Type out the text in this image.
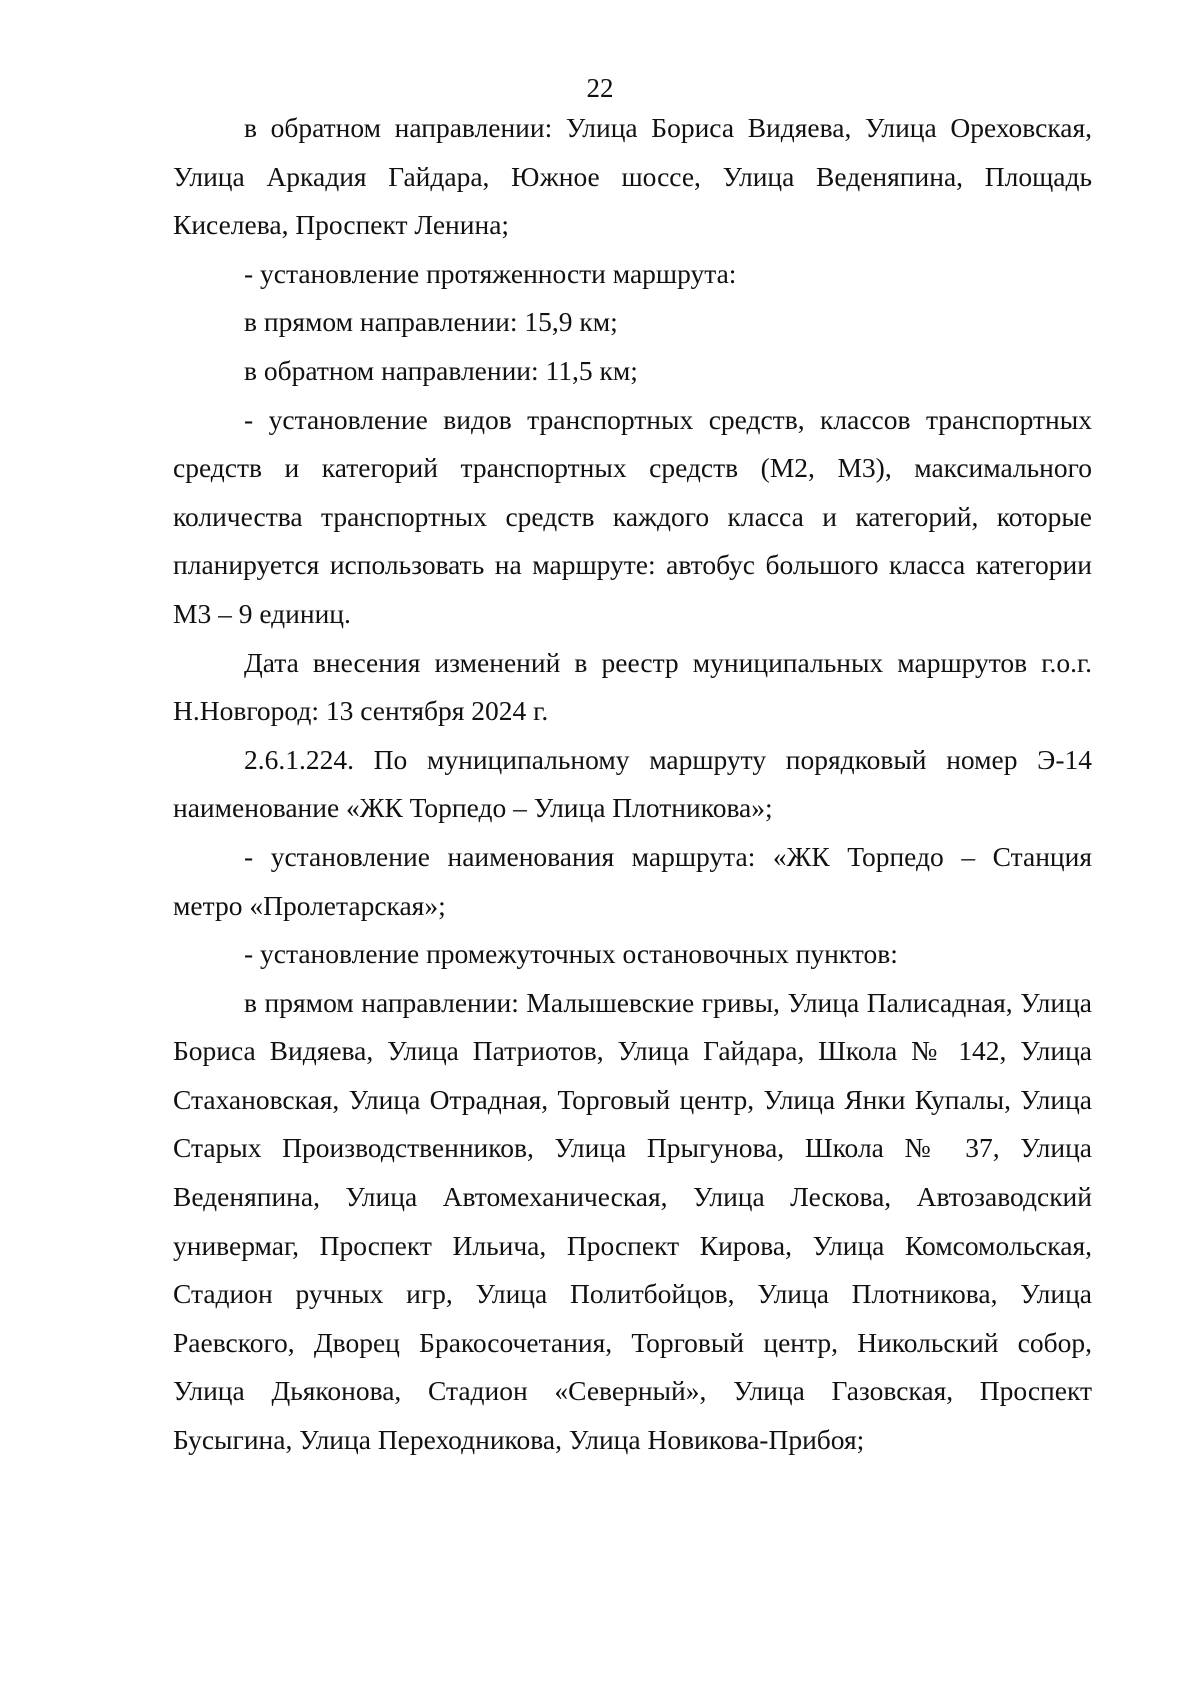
22

в обратном направлении: Улица Бориса Видяева, Улица Ореховская, Улица Аркадия Гайдара, Южное шоссе, Улица Веденяпина, Площадь Киселева, Проспект Ленина;

- установление протяженности маршрута:

в прямом направлении: 15,9 км;

в обратном направлении: 11,5 км;

- установление видов транспортных средств, классов транспортных средств и категорий транспортных средств (М2, М3), максимального количества транспортных средств каждого класса и категорий, которые планируется использовать на маршруте: автобус большого класса категории М3 – 9 единиц.

Дата внесения изменений в реестр муниципальных маршрутов г.о.г. Н.Новгород: 13 сентября 2024 г.

2.6.1.224. По муниципальному маршруту порядковый номер Э-14 наименование «ЖК Торпедо – Улица Плотникова»;

- установление наименования маршрута: «ЖК Торпедо – Станция метро «Пролетарская»;

- установление промежуточных остановочных пунктов:

в прямом направлении: Малышевские гривы, Улица Палисадная, Улица Бориса Видяева, Улица Патриотов, Улица Гайдара, Школа № 142, Улица Стахановская, Улица Отрадная, Торговый центр, Улица Янки Купалы, Улица Старых Производственников, Улица Прыгунова, Школа № 37, Улица Веденяпина, Улица Автомеханическая, Улица Лескова, Автозаводский универмаг, Проспект Ильича, Проспект Кирова, Улица Комсомольская, Стадион ручных игр, Улица Политбойцов, Улица Плотникова, Улица Раевского, Дворец Бракосочетания, Торговый центр, Никольский собор, Улица Дьяконова, Стадион «Северный», Улица Газовская, Проспект Бусыгина, Улица Переходникова, Улица Новикова-Прибоя;
